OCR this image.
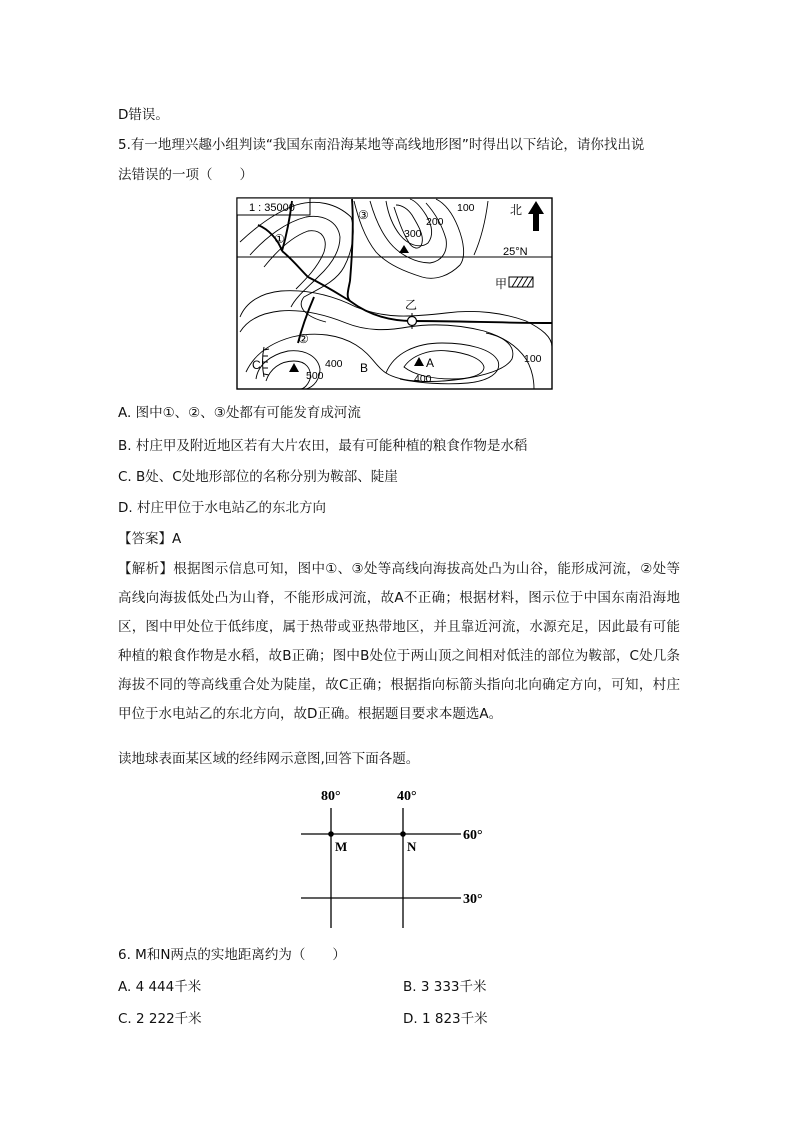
D错误。
5.有一地理兴趣小组判读“我国东南沿海某地等高线地形图”时得出以下结论，请你找出说
法错误的一项（　　）
1 : 35000
25°N
北
甲
乙
①
②
③
300
200
100
100
400
400
500
A
B
C
A. 图中①、②、③处都有可能发育成河流
B. 村庄甲及附近地区若有大片农田，最有可能种植的粮食作物是水稻
C. B处、C处地形部位的名称分别为鞍部、陡崖
D. 村庄甲位于水电站乙的东北方向
【答案】A
【解析】根据图示信息可知，图中①、③处等高线向海拔高处凸为山谷，能形成河流，②处等高线向海拔低处凸为山脊，不能形成河流，故A不正确；根据材料，图示位于中国东南沿海地区，图中甲处位于低纬度，属于热带或亚热带地区，并且靠近河流，水源充足，因此最有可能种植的粮食作物是水稻，故B正确；图中B处位于两山顶之间相对低洼的部位为鞍部，C处几条海拔不同的等高线重合处为陡崖，故C正确；根据指向标箭头指向北向确定方向，可知，村庄甲位于水电站乙的东北方向，故D正确。根据题目要求本题选A。
读地球表面某区域的经纬网示意图,回答下面各题。
80°	40°
60°
30°
M	N
6. M和N两点的实地距离约为（　　）
A. 4 444千米	B. 3 333千米
C. 2 222千米	D. 1 823千米
